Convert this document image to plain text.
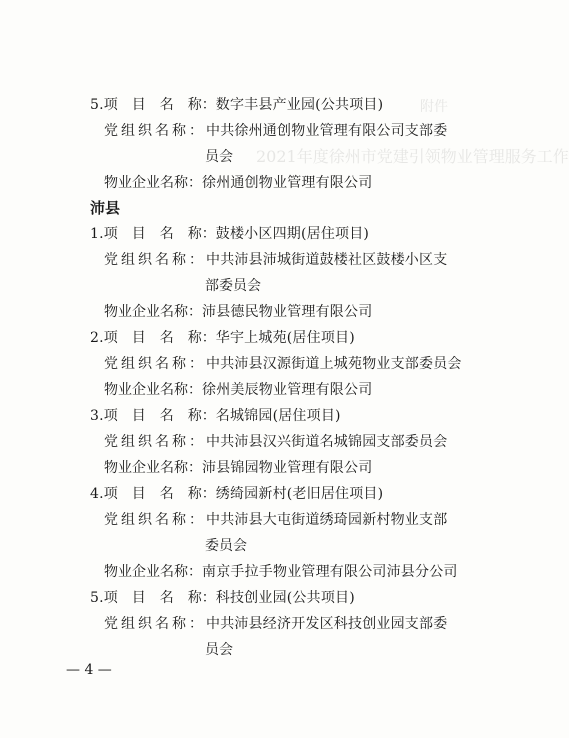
附件
2021年度徐州市党建引领物业管理服务工作
5.项　目　名　称：数字丰县产业园(公共项目)
党组织名称：中共徐州通创物业管理有限公司支部委
员会
物业企业名称：徐州通创物业管理有限公司
沛县
1.项　目　名　称：鼓楼小区四期(居住项目)
党组织名称：中共沛县沛城街道鼓楼社区鼓楼小区支
部委员会
物业企业名称：沛县德民物业管理有限公司
2.项　目　名　称：华宇上城苑(居住项目)
党组织名称：中共沛县汉源街道上城苑物业支部委员会
物业企业名称：徐州美辰物业管理有限公司
3.项　目　名　称：名城锦园(居住项目)
党组织名称：中共沛县汉兴街道名城锦园支部委员会
物业企业名称：沛县锦园物业管理有限公司
4.项　目　名　称：绣绮园新村(老旧居住项目)
党组织名称：中共沛县大屯街道绣琦园新村物业支部
委员会
物业企业名称：南京手拉手物业管理有限公司沛县分公司
5.项　目　名　称：科技创业园(公共项目)
党组织名称：中共沛县经济开发区科技创业园支部委
员会
— 4 —
